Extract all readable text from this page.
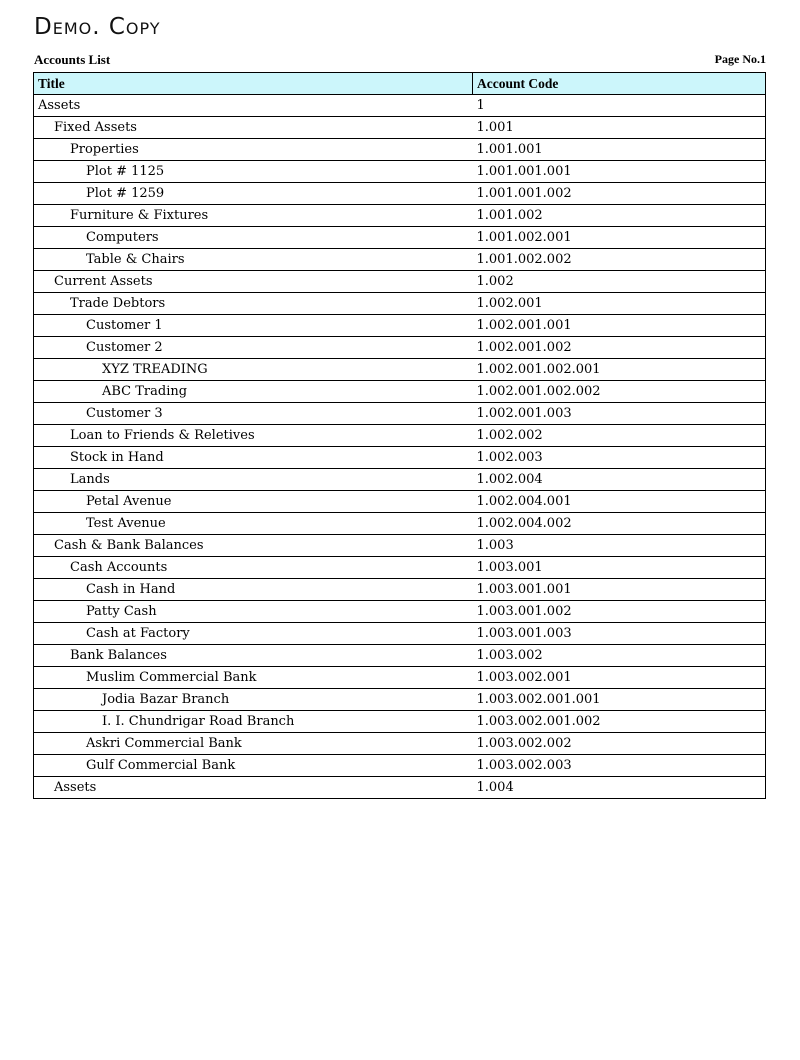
Demo. Copy
Accounts List	Page No.1
Title	Account Code
Assets	1
Fixed Assets	1.001
Properties	1.001.001
Plot # 1125	1.001.001.001
Plot # 1259	1.001.001.002
Furniture & Fixtures	1.001.002
Computers	1.001.002.001
Table & Chairs	1.001.002.002
Current Assets	1.002
Trade Debtors	1.002.001
Customer 1	1.002.001.001
Customer 2	1.002.001.002
XYZ TREADING	1.002.001.002.001
ABC Trading	1.002.001.002.002
Customer 3	1.002.001.003
Loan to Friends & Reletives	1.002.002
Stock in Hand	1.002.003
Lands	1.002.004
Petal Avenue	1.002.004.001
Test Avenue	1.002.004.002
Cash & Bank Balances	1.003
Cash Accounts	1.003.001
Cash in Hand	1.003.001.001
Patty Cash	1.003.001.002
Cash at Factory	1.003.001.003
Bank Balances	1.003.002
Muslim Commercial Bank	1.003.002.001
Jodia Bazar Branch	1.003.002.001.001
I. I. Chundrigar Road Branch	1.003.002.001.002
Askri Commercial Bank	1.003.002.002
Gulf Commercial Bank	1.003.002.003
Assets	1.004
